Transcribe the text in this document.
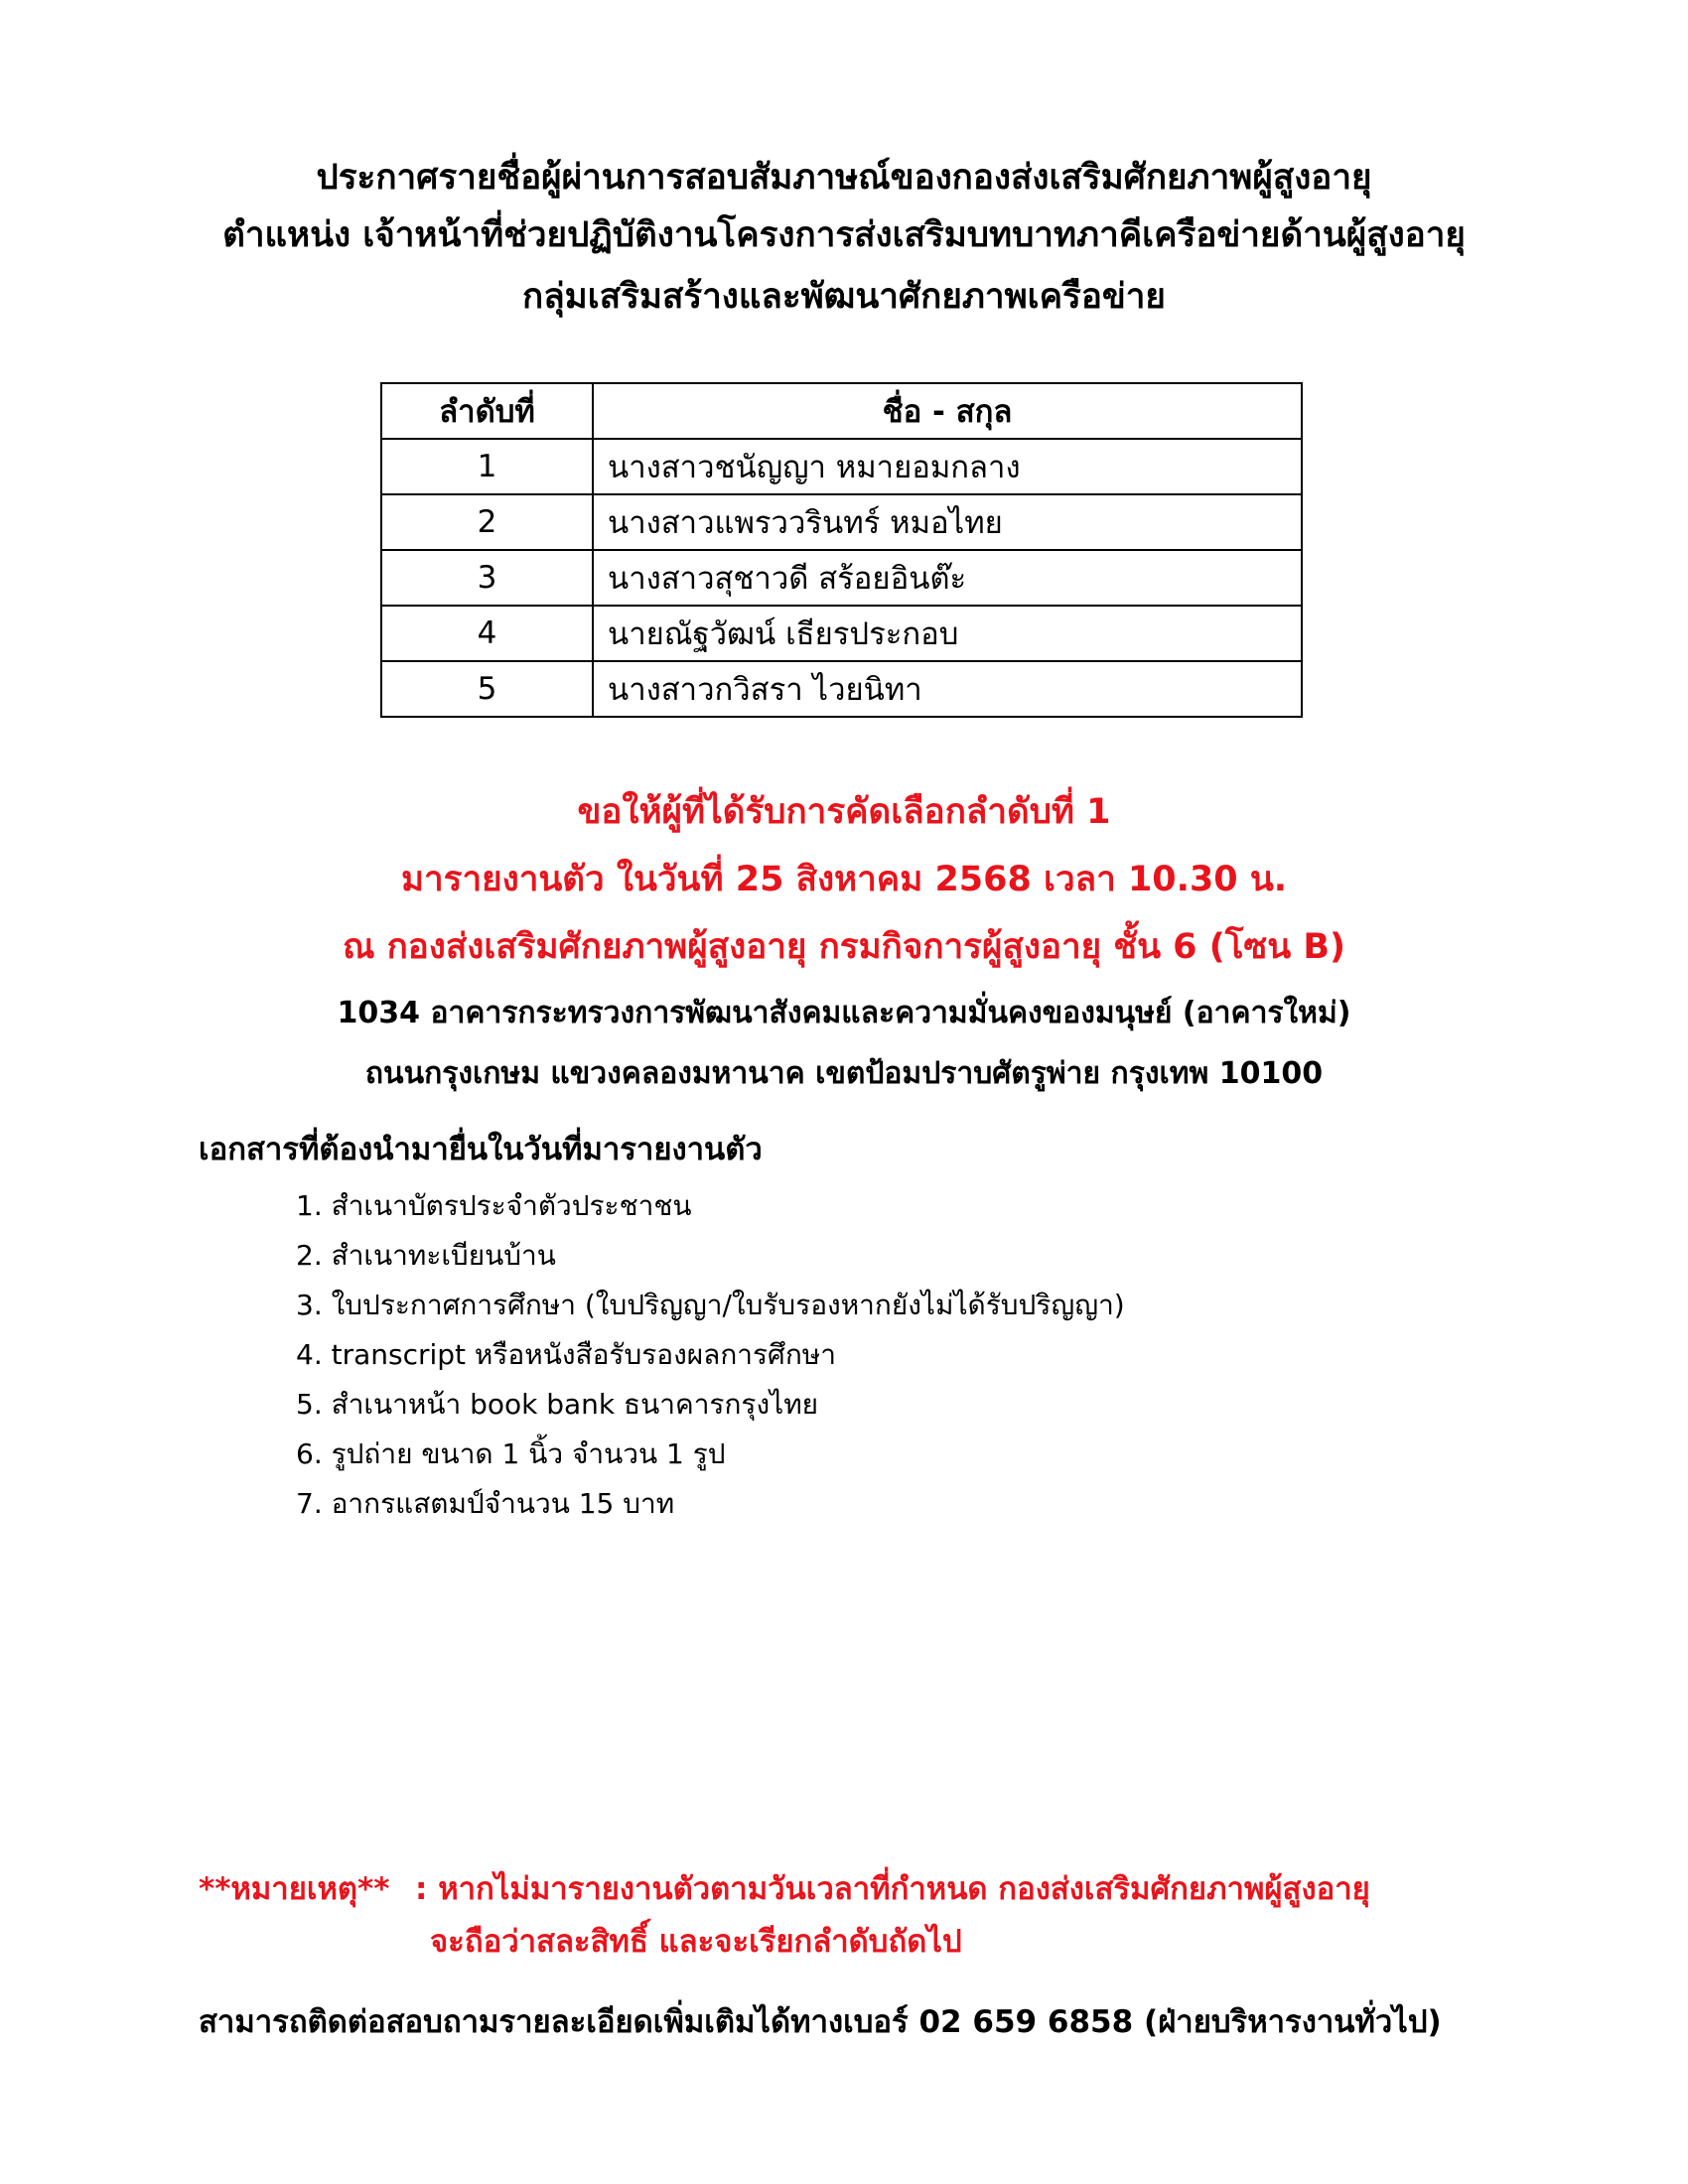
ประกาศรายชื่อผู้ผ่านการสอบสัมภาษณ์ของกองส่งเสริมศักยภาพผู้สูงอายุ
ตำแหน่ง เจ้าหน้าที่ช่วยปฏิบัติงานโครงการส่งเสริมบทบาทภาคีเครือข่ายด้านผู้สูงอายุ
กลุ่มเสริมสร้างและพัฒนาศักยภาพเครือข่าย
ลำดับที่	ชื่อ - สกุล
1	นางสาวชนัญญา หมายอมกลาง
2	นางสาวแพรววรินทร์ หมอไทย
3	นางสาวสุชาวดี สร้อยอินต๊ะ
4	นายณัฐวัฒน์ เธียรประกอบ
5	นางสาวกวิสรา ไวยนิทา
ขอให้ผู้ที่ได้รับการคัดเลือกลำดับที่ 1
มารายงานตัว ในวันที่ 25 สิงหาคม 2568 เวลา 10.30 น.
ณ กองส่งเสริมศักยภาพผู้สูงอายุ กรมกิจการผู้สูงอายุ ชั้น 6 (โซน B)
1034 อาคารกระทรวงการพัฒนาสังคมและความมั่นคงของมนุษย์ (อาคารใหม่)
ถนนกรุงเกษม แขวงคลองมหานาค เขตป้อมปราบศัตรูพ่าย กรุงเทพ 10100
เอกสารที่ต้องนำมายื่นในวันที่มารายงานตัว
1. สำเนาบัตรประจำตัวประชาชน
2. สำเนาทะเบียนบ้าน
3. ใบประกาศการศึกษา (ใบปริญญา/ใบรับรองหากยังไม่ได้รับปริญญา)
4. transcript หรือหนังสือรับรองผลการศึกษา
5. สำเนาหน้า book bank ธนาคารกรุงไทย
6. รูปถ่าย ขนาด 1 นิ้ว จำนวน 1 รูป
7. อากรแสตมป์จำนวน 15 บาท
**หมายเหตุ** : หากไม่มารายงานตัวตามวันเวลาที่กำหนด กองส่งเสริมศักยภาพผู้สูงอายุ
จะถือว่าสละสิทธิ์ และจะเรียกลำดับถัดไป
สามารถติดต่อสอบถามรายละเอียดเพิ่มเติมได้ทางเบอร์ 02 659 6858 (ฝ่ายบริหารงานทั่วไป)
